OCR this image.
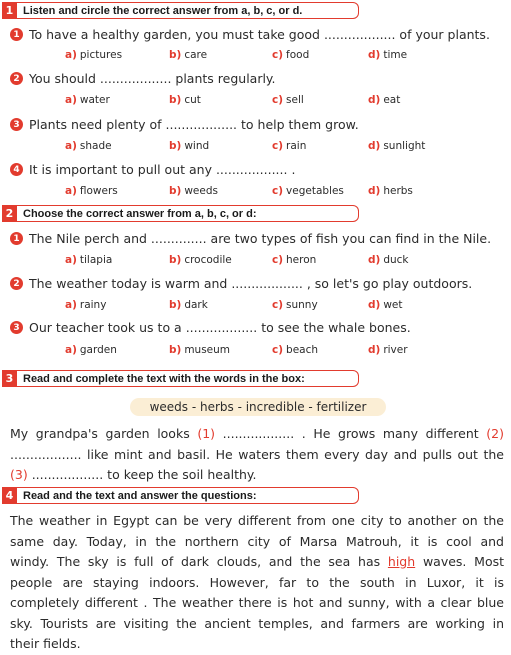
1 Listen and circle the correct answer from a, b, c, or d.
1 To have a healthy garden, you must take good .................. of your plants.
a) pictures	b) care	c) food	d) time
2 You should .................. plants regularly.
a) water	b) cut	c) sell	d) eat
3 Plants need plenty of .................. to help them grow.
a) shade	b) wind	c) rain	d) sunlight
4 It is important to pull out any .................. .
a) flowers	b) weeds	c) vegetables d) herbs
2 Choose the correct answer from a, b, c, or d:
1 The Nile perch and .............. are two types of fish you can find in the Nile.
a) tilapia	b) crocodile	c) heron	d) duck
2 The weather today is warm and .................. , so let's go play outdoors.
a) rainy	b) dark	c) sunny	d) wet
3 Our teacher took us to a .................. to see the whale bones.
a) garden	b) museum	c) beach	d) river
3 Read and complete the text with the words in the box:
weeds - herbs - incredible - fertilizer
My grandpa's garden looks (1) .................. . He grows many different (2)
.................. like mint and basil. He waters them every day and pulls out the
(3) .................. to keep the soil healthy.
4 Read and the text and answer the questions:
The weather in Egypt can be very different from one city to another on the
same day. Today, in the northern city of Marsa Matrouh, it is cool and
windy. The sky is full of dark clouds, and the sea has high waves. Most
people are staying indoors. However, far to the south in Luxor, it is
completely different . The weather there is hot and sunny, with a clear blue
sky. Tourists are visiting the ancient temples, and farmers are working in
their fields.
